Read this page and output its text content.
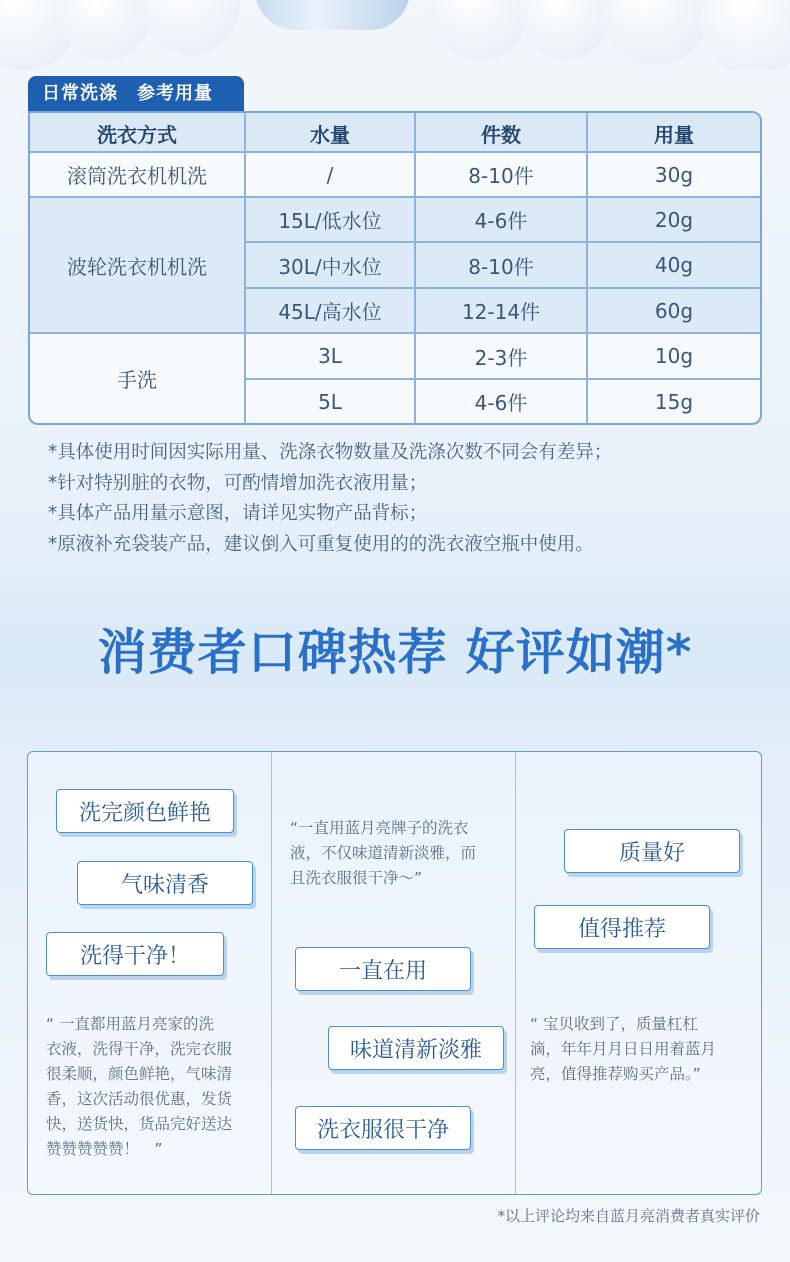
日常洗涤　参考用量
洗衣方式	水量	件数	用量
滚筒洗衣机机洗	/	8-10件	30g
波轮洗衣机机洗
15L/低水位	4-6件	20g
30L/中水位	8-10件	40g
45L/高水位	12-14件	60g
手洗
3L	2-3件	10g
5L	4-6件	15g
*具体使用时间因实际用量、洗涤衣物数量及洗涤次数不同会有差异；
*针对特别脏的衣物，可酌情增加洗衣液用量；
*具体产品用量示意图，请详见实物产品背标；
*原液补充袋装产品，建议倒入可重复使用的的洗衣液空瓶中使用。
消费者口碑热荐 好评如潮*
洗完颜色鲜艳
气味清香
洗得干净！
“ 一直都用蓝月亮家的洗
衣液，洗得干净，洗完衣服
很柔顺，颜色鲜艳，气味清
香，这次活动很优惠，发货
快，送货快，货品完好送达
赞赞赞赞赞！　”
“一直用蓝月亮牌子的洗衣
液，不仅味道清新淡雅，而
且洗衣服很干净～”
一直在用
味道清新淡雅
洗衣服很干净
质量好
值得推荐
“ 宝贝收到了，质量杠杠
滴，年年月月日日用着蓝月
亮，值得推荐购买产品。”
*以上评论均来自蓝月亮消费者真实评价
